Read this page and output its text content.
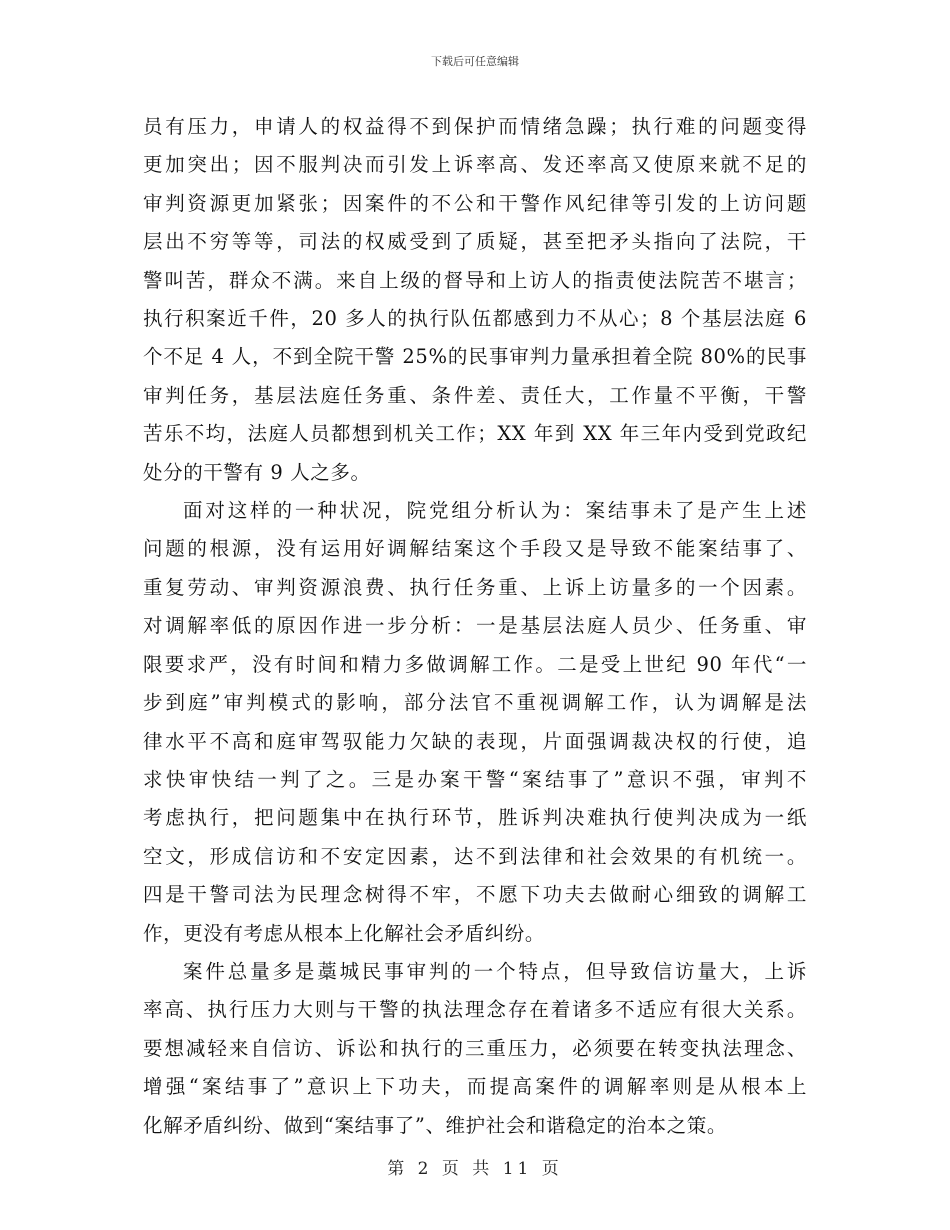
下载后可任意编辑
员有压力，申请人的权益得不到保护而情绪急躁；执行难的问题变得
更加突出；因不服判决而引发上诉率高、发还率高又使原来就不足的
审判资源更加紧张；因案件的不公和干警作风纪律等引发的上访问题
层出不穷等等，司法的权威受到了质疑，甚至把矛头指向了法院，干
警叫苦，群众不满。来自上级的督导和上访人的指责使法院苦不堪言；
执行积案近千件，20 多人的执行队伍都感到力不从心；8 个基层法庭 6
个不足 4 人，不到全院干警 25%的民事审判力量承担着全院 80%的民事
审判任务，基层法庭任务重、条件差、责任大，工作量不平衡，干警
苦乐不均，法庭人员都想到机关工作；XX 年到 XX 年三年内受到党政纪
处分的干警有 9 人之多。
面对这样的一种状况，院党组分析认为：案结事未了是产生上述
问题的根源，没有运用好调解结案这个手段又是导致不能案结事了、
重复劳动、审判资源浪费、执行任务重、上诉上访量多的一个因素。
对调解率低的原因作进一步分析：一是基层法庭人员少、任务重、审
限要求严，没有时间和精力多做调解工作。二是受上世纪 90 年代“一
步到庭”审判模式的影响，部分法官不重视调解工作，认为调解是法
律水平不高和庭审驾驭能力欠缺的表现，片面强调裁决权的行使，追
求快审快结一判了之。三是办案干警“案结事了”意识不强，审判不
考虑执行，把问题集中在执行环节，胜诉判决难执行使判决成为一纸
空文，形成信访和不安定因素，达不到法律和社会效果的有机统一。
四是干警司法为民理念树得不牢，不愿下功夫去做耐心细致的调解工
作，更没有考虑从根本上化解社会矛盾纠纷。
案件总量多是藁城民事审判的一个特点，但导致信访量大，上诉
率高、执行压力大则与干警的执法理念存在着诸多不适应有很大关系。
要想减轻来自信访、诉讼和执行的三重压力，必须要在转变执法理念、
增强“案结事了”意识上下功夫，而提高案件的调解率则是从根本上
化解矛盾纠纷、做到“案结事了”、维护社会和谐稳定的治本之策。
第 2 页 共 11 页
